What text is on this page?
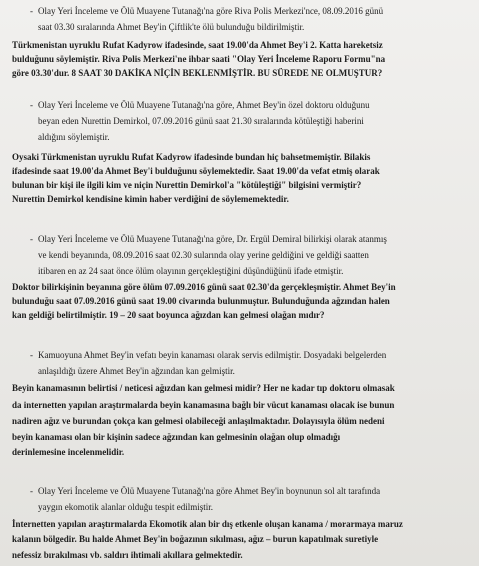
- Olay Yeri İnceleme ve Ölü Muayene Tutanağı'na göre Riva Polis Merkezi'nce, 08.09.2016 günü
saat 03.30 sıralarında Ahmet Bey'in Çiftlik'te ölü bulunduğu bildirilmiştir.
Türkmenistan uyruklu Rufat Kadyrow ifadesinde, saat 19.00'da Ahmet Bey'i 2. Katta hareketsiz
bulduğunu söylemiştir. Riva Polis Merkezi'ne ihbar saati "Olay Yeri İnceleme Raporu Formu"na
göre 03.30'dur. 8 SAAT 30 DAKİKA NİÇİN BEKLENMİŞTİR. BU SÜREDE NE OLMUŞTUR?
- Olay Yeri İnceleme ve Ölü Muayene Tutanağı'na göre, Ahmet Bey'in özel doktoru olduğunu
beyan eden Nurettin Demirkol, 07.09.2016 günü saat 21.30 sıralarında kötüleştiği haberini
aldığını söylemiştir.
Oysaki Türkmenistan uyruklu Rufat Kadyrow ifadesinde bundan hiç bahsetmemiştir. Bilakis
ifadesinde saat 19.00'da Ahmet Bey'i bulduğunu söylemektedir. Saat 19.00'da vefat etmiş olarak
bulunan bir kişi ile ilgili kim ve niçin Nurettin Demirkol'a "kötüleştiği" bilgisini vermiştir?
Nurettin Demirkol kendisine kimin haber verdiğini de söylememektedir.
- Olay Yeri İnceleme ve Ölü Muayene Tutanağı'na göre, Dr. Ergül Demiral bilirkişi olarak atanmış
ve kendi beyanında, 08.09.2016 saat 02.30 sularında olay yerine geldiğini ve geldiği saatten
itibaren en az 24 saat önce ölüm olayının gerçekleştiğini düşündüğünü ifade etmiştir.
Doktor bilirkişinin beyanına göre ölüm 07.09.2016 günü saat 02.30'da gerçekleşmiştir. Ahmet Bey'in
bulunduğu saat 07.09.2016 günü saat 19.00 civarında bulunmuştur. Bulunduğunda ağzından halen
kan geldiği belirtilmiştir. 19 – 20 saat boyunca ağızdan kan gelmesi olağan mıdır?
- Kamuoyuna Ahmet Bey'in vefatı beyin kanaması olarak servis edilmiştir. Dosyadaki belgelerden
anlaşıldığı üzere Ahmet Bey'in ağzından kan gelmiştir.
Beyin kanamasının belirtisi / neticesi ağızdan kan gelmesi midir? Her ne kadar tıp doktoru olmasak
da internetten yapılan araştırmalarda beyin kanamasına bağlı bir vücut kanaması olacak ise bunun
nadiren ağız ve burundan çokça kan gelmesi olabileceği anlaşılmaktadır. Dolayısıyla ölüm nedeni
beyin kanaması olan bir kişinin sadece ağzından kan gelmesinin olağan olup olmadığı
derinlemesine incelenmelidir.
- Olay Yeri İnceleme ve Ölü Muayene Tutanağı'na göre Ahmet Bey'in boynunun sol alt tarafında
yaygın ekomotik alanlar olduğu tespit edilmiştir.
İnternetten yapılan araştırmalarda Ekomotik alan bir dış etkenle oluşan kanama / morarmaya maruz
kalanın bölgedir. Bu halde Ahmet Bey'in boğazının sıkılması, ağız – burun kapatılmak suretiyle
nefessiz bırakılması vb. saldırı ihtimali akıllara gelmektedir.
